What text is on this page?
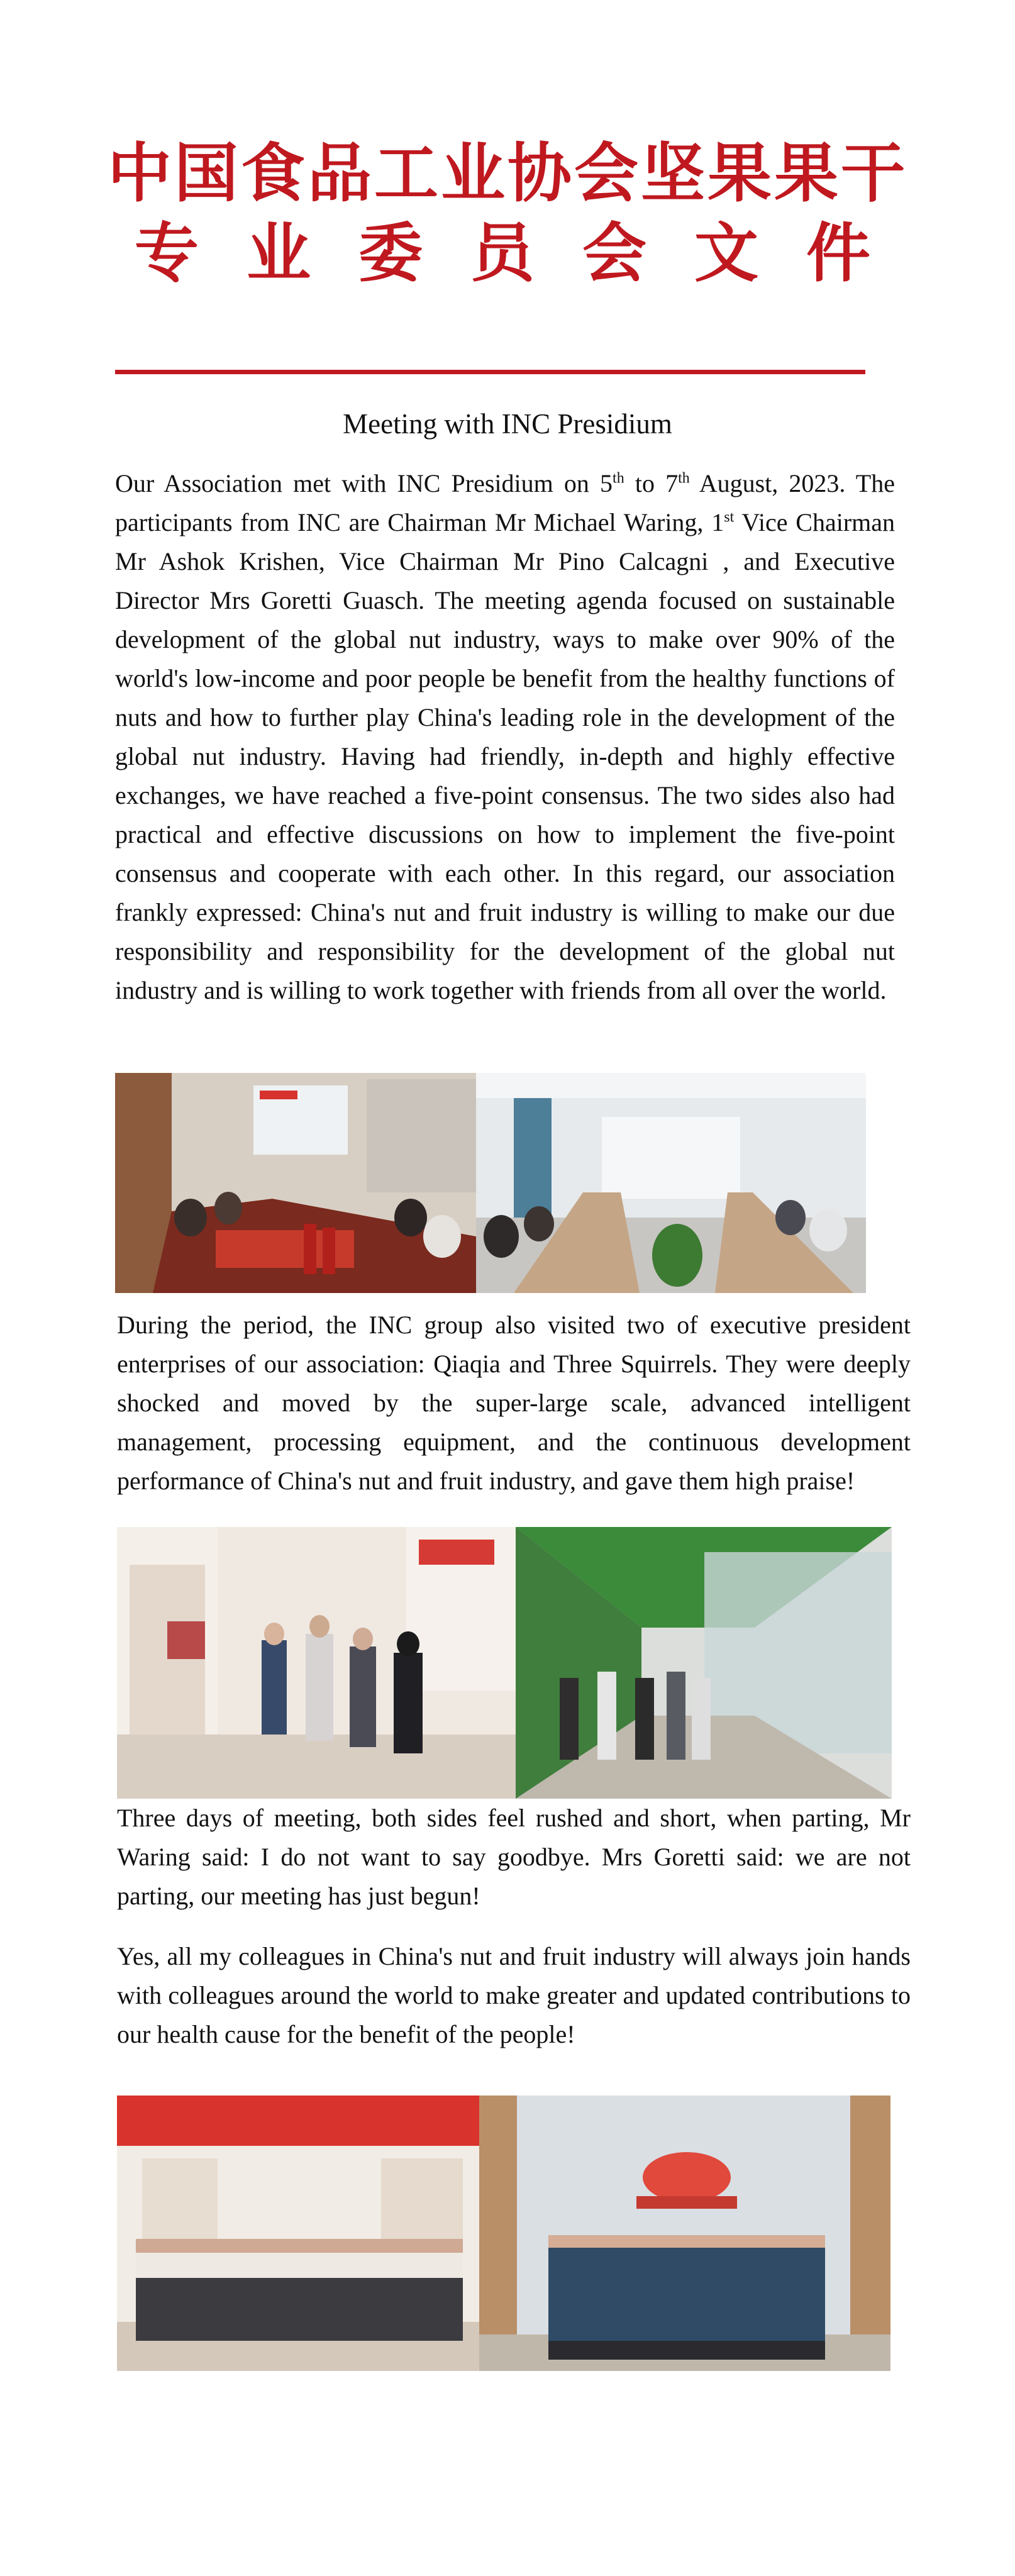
中国食品工业协会坚果果干
专业委员会文件
Meeting with INC Presidium

Our Association met with INC Presidium on 5th to 7th August, 2023. The participants from INC are Chairman Mr Michael Waring, 1st Vice Chairman Mr Ashok Krishen, Vice Chairman Mr Pino Calcagni , and Executive Director Mrs Goretti Guasch. The meeting agenda focused on sustainable development of the global nut industry, ways to make over 90% of the world's low-income and poor people be benefit from the healthy functions of nuts and how to further play China's leading role in the development of the global nut industry. Having had friendly, in-depth and highly effective exchanges, we have reached a five-point consensus. The two sides also had practical and effective discussions on how to implement the five-point consensus and cooperate with each other. In this regard, our association frankly expressed: China's nut and fruit industry is willing to make our due responsibility and responsibility for the development of the global nut industry and is willing to work together with friends from all over the world.

During the period, the INC group also visited two of executive president enterprises of our association: Qiaqia and Three Squirrels. They were deeply shocked and moved by the super-large scale, advanced intelligent management, processing equipment, and the continuous development performance of China's nut and fruit industry, and gave them high praise!

Three days of meeting, both sides feel rushed and short, when parting, Mr Waring said: I do not want to say goodbye. Mrs Goretti said: we are not parting, our meeting has just begun!

Yes, all my colleagues in China's nut and fruit industry will always join hands with colleagues around the world to make greater and updated contributions to our health cause for the benefit of the people!
